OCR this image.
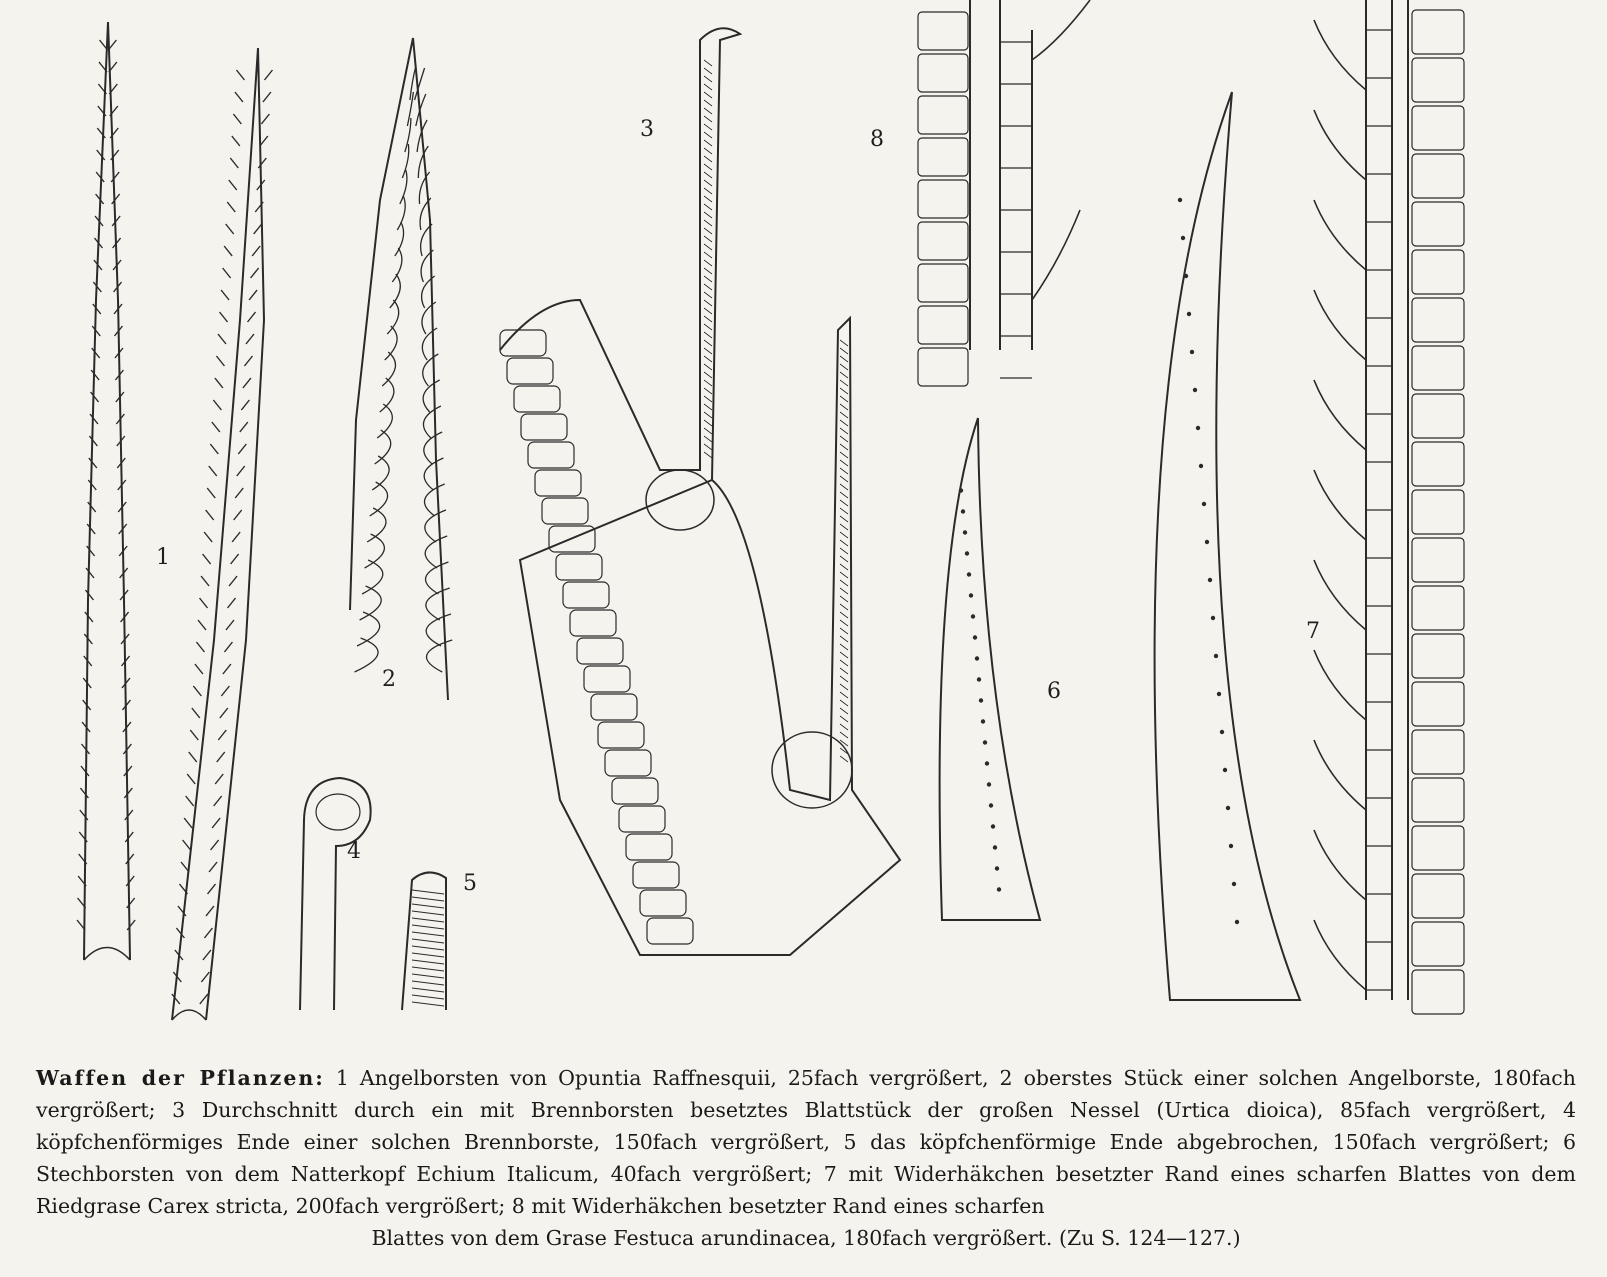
1
2
3
4
5
6
7
8
Waffen der Pflanzen: 1 Angelborsten von Opuntia Raffnesquii, 25fach vergrößert, 2 oberstes Stück einer solchen Angelborste, 180fach vergrößert; 3 Durchschnitt durch ein mit Brennborsten besetztes Blattstück der großen Nessel (Urtica dioica), 85fach vergrößert, 4 köpfchenförmiges Ende einer solchen Brennborste, 150fach vergrößert, 5 das köpfchenförmige Ende abgebrochen, 150fach vergrößert; 6 Stechborsten von dem Natterkopf Echium Italicum, 40fach vergrößert; 7 mit Widerhäkchen besetzter Rand eines scharfen Blattes von dem Riedgrase Carex stricta, 200fach vergrößert; 8 mit Widerhäkchen besetzter Rand eines scharfen
Blattes von dem Grase Festuca arundinacea, 180fach vergrößert. (Zu S. 124—127.)
